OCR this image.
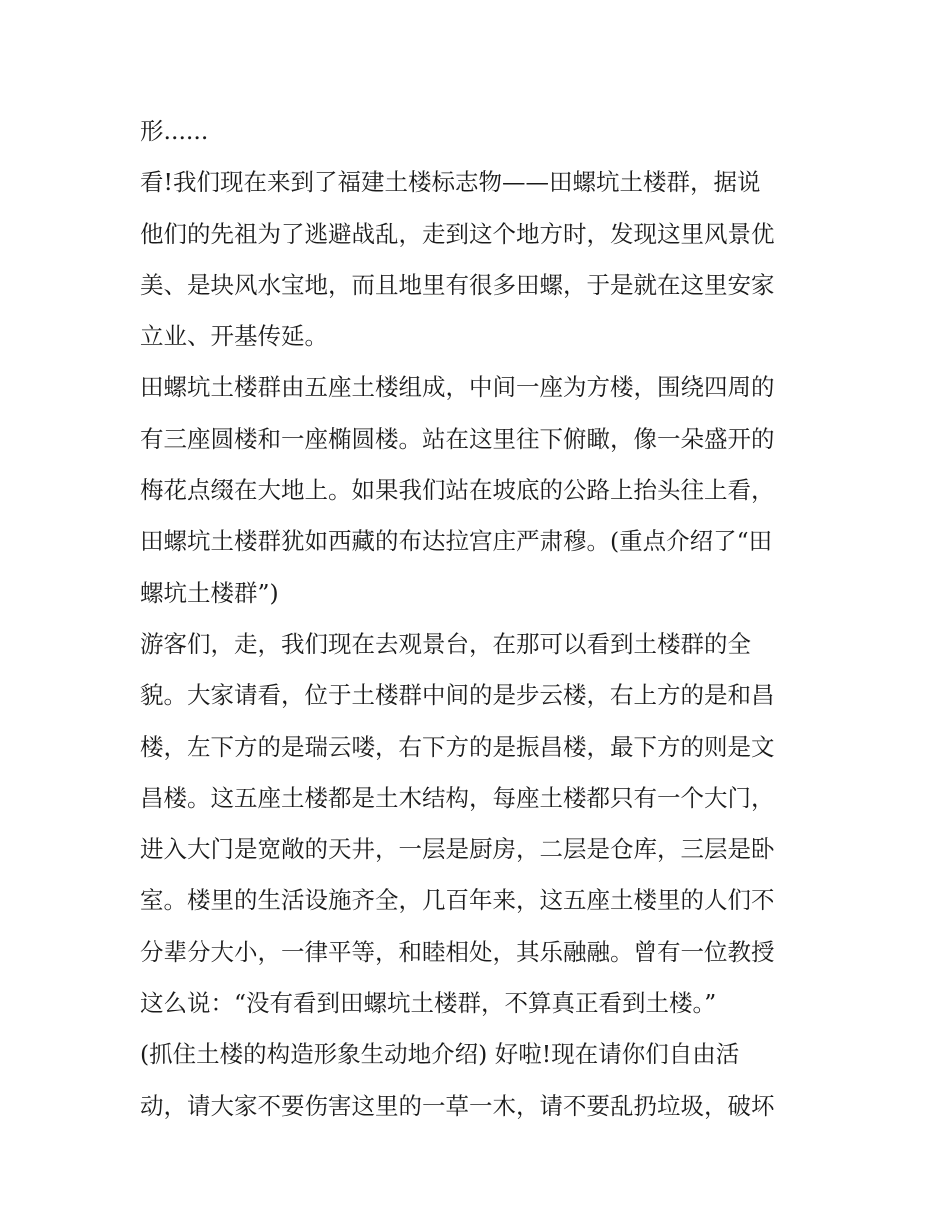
形......
看!我们现在来到了福建土楼标志物——田螺坑土楼群，据说
他们的先祖为了逃避战乱，走到这个地方时，发现这里风景优
美、是块风水宝地，而且地里有很多田螺，于是就在这里安家
立业、开基传延。
田螺坑土楼群由五座土楼组成，中间一座为方楼，围绕四周的
有三座圆楼和一座椭圆楼。站在这里往下俯瞰，像一朵盛开的
梅花点缀在大地上。如果我们站在坡底的公路上抬头往上看，
田螺坑土楼群犹如西藏的布达拉宫庄严肃穆。(重点介绍了“田
螺坑土楼群”)
游客们，走，我们现在去观景台，在那可以看到土楼群的全
貌。大家请看，位于土楼群中间的是步云楼，右上方的是和昌
楼，左下方的是瑞云喽，右下方的是振昌楼，最下方的则是文
昌楼。这五座土楼都是土木结构，每座土楼都只有一个大门，
进入大门是宽敞的天井，一层是厨房，二层是仓库，三层是卧
室。楼里的生活设施齐全，几百年来，这五座土楼里的人们不
分辈分大小，一律平等，和睦相处，其乐融融。曾有一位教授
这么说：“没有看到田螺坑土楼群，不算真正看到土楼。”
(抓住土楼的构造形象生动地介绍) 好啦!现在请你们自由活
动，请大家不要伤害这里的一草一木，请不要乱扔垃圾，破坏
